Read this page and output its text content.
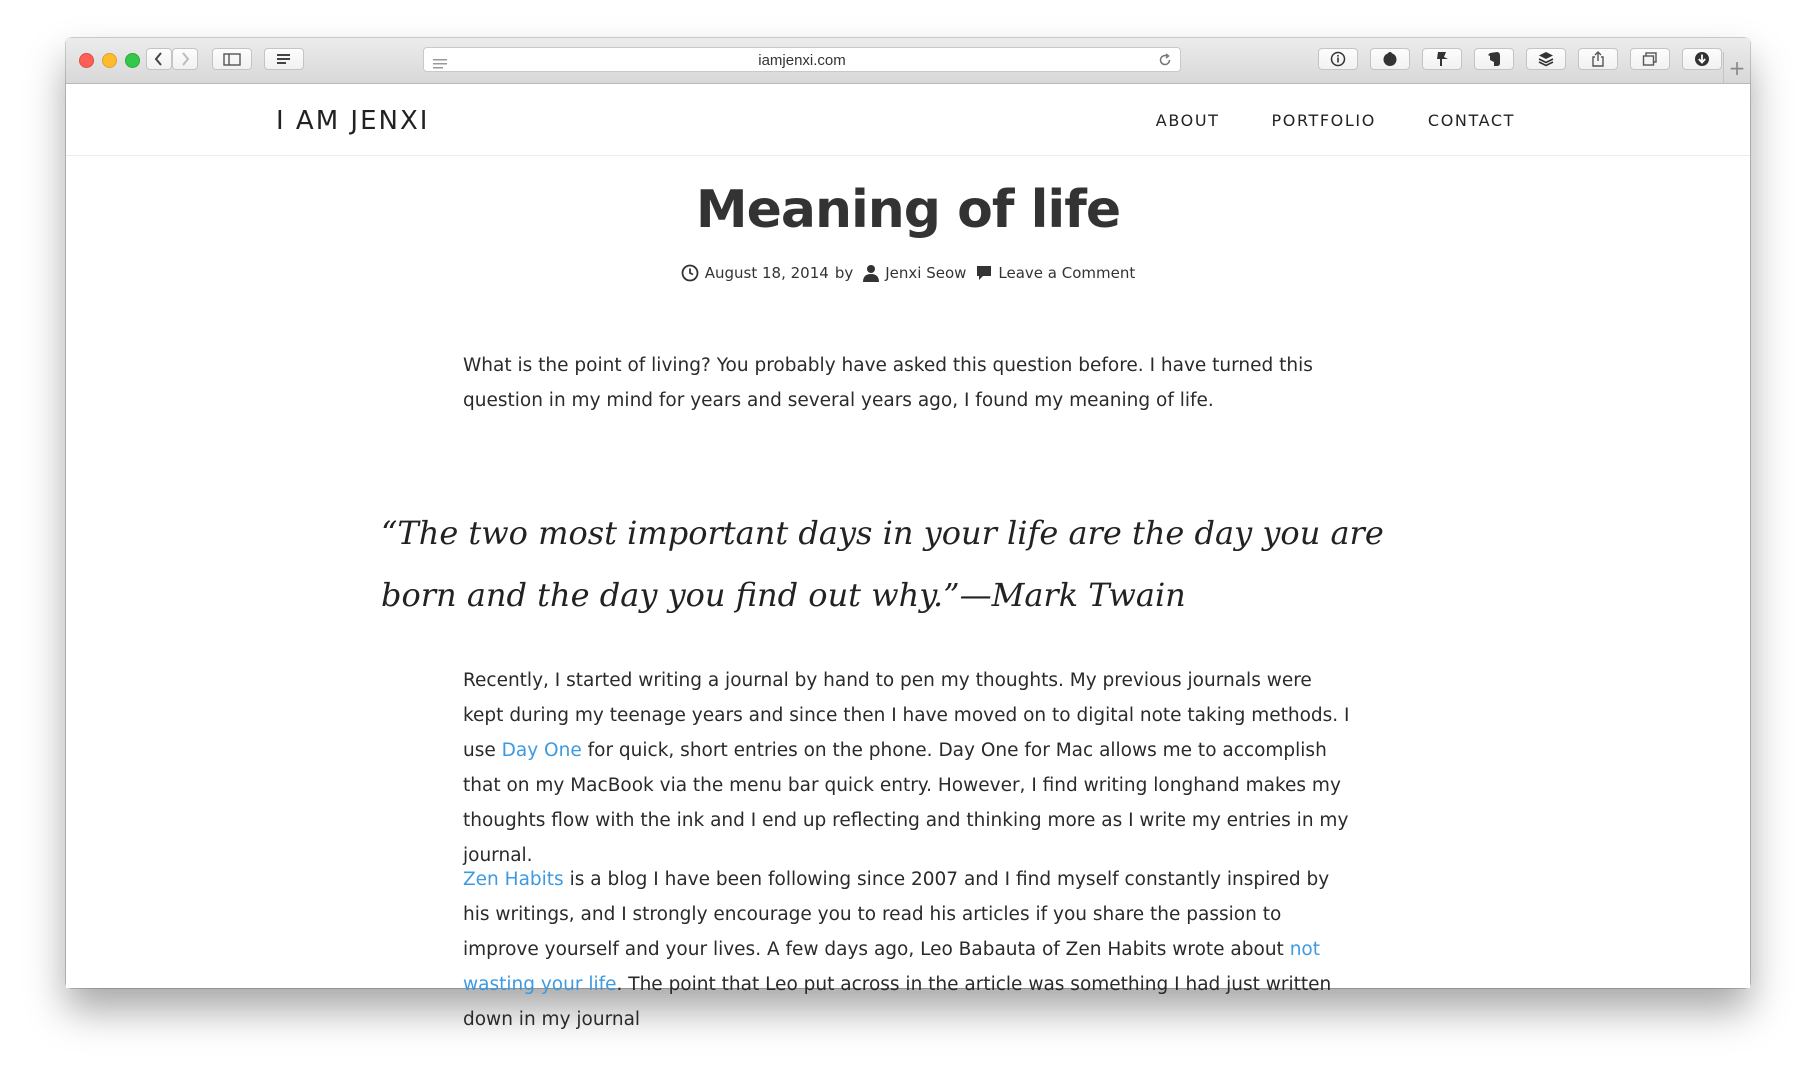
iamjenxi.com	+
I AM JENXI	ABOUT	PORTFOLIO	CONTACT
Meaning of life
August 18, 2014 by Jenxi Seow Leave a Comment

What is the point of living? You probably have asked this question before. I have turned this question in my mind for years and several years ago, I found my meaning of life.

“The two most important days in your life are the day you are born and the day you find out why.”—Mark Twain

Recently, I started writing a journal by hand to pen my thoughts. My previous journals were kept during my teenage years and since then I have moved on to digital note taking methods. I use Day One for quick, short entries on the phone. Day One for Mac allows me to accomplish that on my MacBook via the menu bar quick entry. However, I find writing longhand makes my thoughts flow with the ink and I end up reflecting and thinking more as I write my entries in my journal.

Zen Habits is a blog I have been following since 2007 and I find myself constantly inspired by his writings, and I strongly encourage you to read his articles if you share the passion to improve yourself and your lives. A few days ago, Leo Babauta of Zen Habits wrote about not wasting your life. The point that Leo put across in the article was something I had just written down in my journal
